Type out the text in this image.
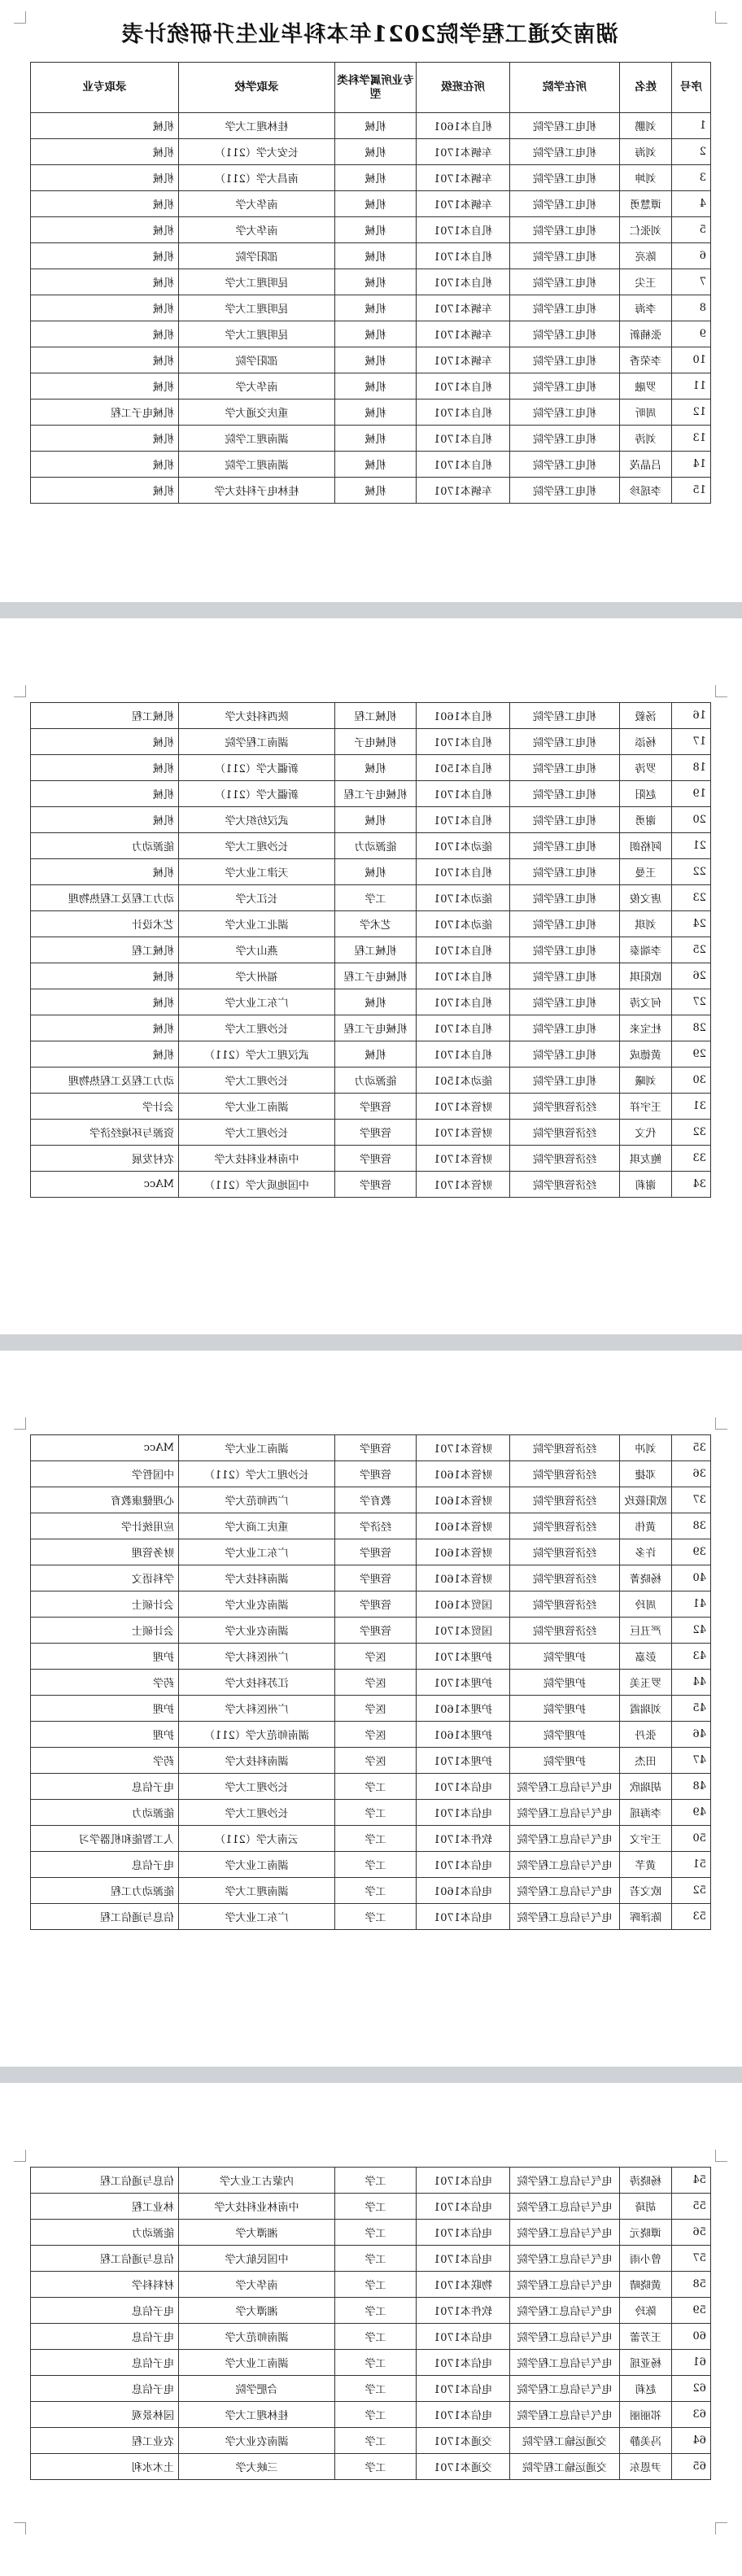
湖南交通工程学院2021年本科毕业生升研统计表
序号	姓名	所在学院	所在班级	专业所属学科类型	录取学校	录取专业
1	刘鹏	机电工程学院	机自本1601	机械	桂林理工大学	机械
2	刘海	机电工程学院	车辆本1701	机械	长安大学（211）	机械
3	刘坤	机电工程学院	车辆本1701	机械	南昌大学（211）	机械
4	谭慧勇	机电工程学院	车辆本1701	机械	南华大学	机械
5	刘张仁	机电工程学院	机自本1701	机械	南华大学	机械
6	陈亮	机电工程学院	机自本1701	机械	邵阳学院	机械
7	王尖	机电工程学院	机自本1701	机械	昆明理工大学	机械
8	李海	机电工程学院	车辆本1701	机械	昆明理工大学	机械
9	张楠新	机电工程学院	车辆本1701	机械	昆明理工大学	机械
10	李荣香	机电工程学院	车辆本1701	机械	邵阳学院	机械
11	罗融	机电工程学院	机自本1701	机械	南华大学	机械
12	周昕	机电工程学院	机自本1701	机械	重庆交通大学	机械电子工程
13	刘涛	机电工程学院	机自本1701	机械	湖南理工学院	机械
14	吕晶茂	机电工程学院	机自本1701	机械	湖南理工学院	机械
15	李瑶珍	机电工程学院	车辆本1701	机械	桂林电子科技大学	机械
16	汤毅	机电工程学院	机自本1601	机械工程	陕西科技大学	机械工程
17	杨添	机电工程学院	机自本1701	机械电子	湖南工程学院	机械
18	罗涛	机电工程学院	机自本1501	机械	新疆大学（211）	机械
19	赵阳	机电工程学院	机自本1701	机械电子工程	新疆大学（211）	机械
20	谢勇	机电工程学院	机自本1701	机械	武汉纺织大学	机械
21	阿格朗	机电工程学院	能动本1701	能源动力	长沙理工大学	能源动力
22	王曼	机电工程学院	机自本1701	机械	天津工业大学	机械
23	唐文俊	机电工程学院	能动本1701	工学	长江大学	动力工程及工程热物理
24	刘琪	机电工程学院	能动本1701	艺术学	湖北工业大学	艺术设计
25	李端泰	机电工程学院	机自本1701	机械工程	燕山大学	机械工程
26	欧阳琪	机电工程学院	机自本1701	机械电子工程	福州大学	机械
27	何文涛	机电工程学院	机自本1701	机械	广东工业大学	机械
28	杜宝来	机电工程学院	机自本1701	机械电子工程	长沙理工大学	机械
29	黄德成	机电工程学院	机自本1701	机械	武汉理工大学（211）	机械
30	刘曦	机电工程学院	能动本1501	能源动力	长沙理工大学	动力工程及工程热物理
31	王宇祥	经济管理学院	财管本1701	管理学	湖南工业大学	会计学
32	代文	经济管理学院	财管本1701	管理学	长沙理工大学	资源与环境经济学
33	鲍友琪	经济管理学院	财管本1701	管理学	中南林业科技大学	农村发展
34	谢莉	经济管理学院	财管本1701	管理学	中国地质大学（211）	MAcc
35	刘冲	经济管理学院	财管本1701	管理学	湖南工业大学	MAcc
36	邓捷	经济管理学院	财管本1601	管理学	长沙理工大学（211）	中国哲学
37	欧阳筱玫	经济管理学院	财管本1601	教育学	广西师范大学	心理健康教育
38	黄伟	经济管理学院	财管本1601	经济学	重庆工商大学	应用统计学
39	许多	经济管理学院	财管本1601	管理学	广东工业大学	财务管理
40	杨晓菁	经济管理学院	财管本1601	管理学	湖南科技大学	学科语文
41	周玲	经济管理学院	国贸本1601	管理学	湖南农业大学	会计硕士
42	严丑巨	经济管理学院	国贸本1701	管理学	湖南农业大学	会计硕士
43	彭嘉	护理学院	护理本1701	医学	广州医科大学	护理
44	罗玉美	护理学院	护理本1701	医学	江苏科技大学	药学
45	刘瑞霞	护理学院	护理本1601	医学	广州医科大学	护理
46	张丹	护理学院	护理本1601	医学	湖南师范大学（211）	护理
47	田杰	护理学院	护理本1701	医学	湖南科技大学	药学
48	胡瑞欣	电气与信息工程学院	电信本1701	工学	长沙理工大学	电子信息
49	李海瑶	电气与信息工程学院	电信本1701	工学	长沙理工大学	能源动力
50	王宇文	电气与信息工程学院	软件本1701	工学	云南大学（211）	人工智能和机器学习
51	黄芊	电气与信息工程学院	电信本1701	工学	湖南工业大学	电子信息
52	欧文若	电气与信息工程学院	电信本1601	工学	湖南理工大学	能源动力工程
53	陈泽晖	电气与信息工程学院	电信本1701	工学	广东工业大学	信息与通信工程
54	杨晓涛	电气与信息工程学院	电信本1701	工学	内蒙古工业大学	信息与通信工程
55	胡琦	电气与信息工程学院	电信本1701	工学	中南林业科技大学	林业工程
56	谭晓元	电气与信息工程学院	电信本1701	工学	湘潭大学	能源动力
57	曾小雨	电气与信息工程学院	电信本1701	工学	中国民航大学	信息与通信工程
58	黄晓晴	电气与信息工程学院	物联本1701	工学	南华大学	材料科学
59	陈玲	电气与信息工程学院	软件本1701	工学	湘潭大学	电子信息
60	王芳蕾	电气与信息工程学院	电信本1701	工学	湖南师范大学	电子信息
61	杨亚瑶	电气与信息工程学院	电信本1701	工学	湖南工业大学	电子信息
62	赵莉	电气与信息工程学院	电信本1701	工学	合肥学院	电子信息
63	祁丽丽	电气与信息工程学院	电信本1701	工学	桂林理工大学	园林景观
64	冯美静	交通运输工程学院	交通本1701	工学	湖南农业大学	农业工程
65	尹恩东	交通运输工程学院	交通本1701	工学	三峡大学	土木水利
